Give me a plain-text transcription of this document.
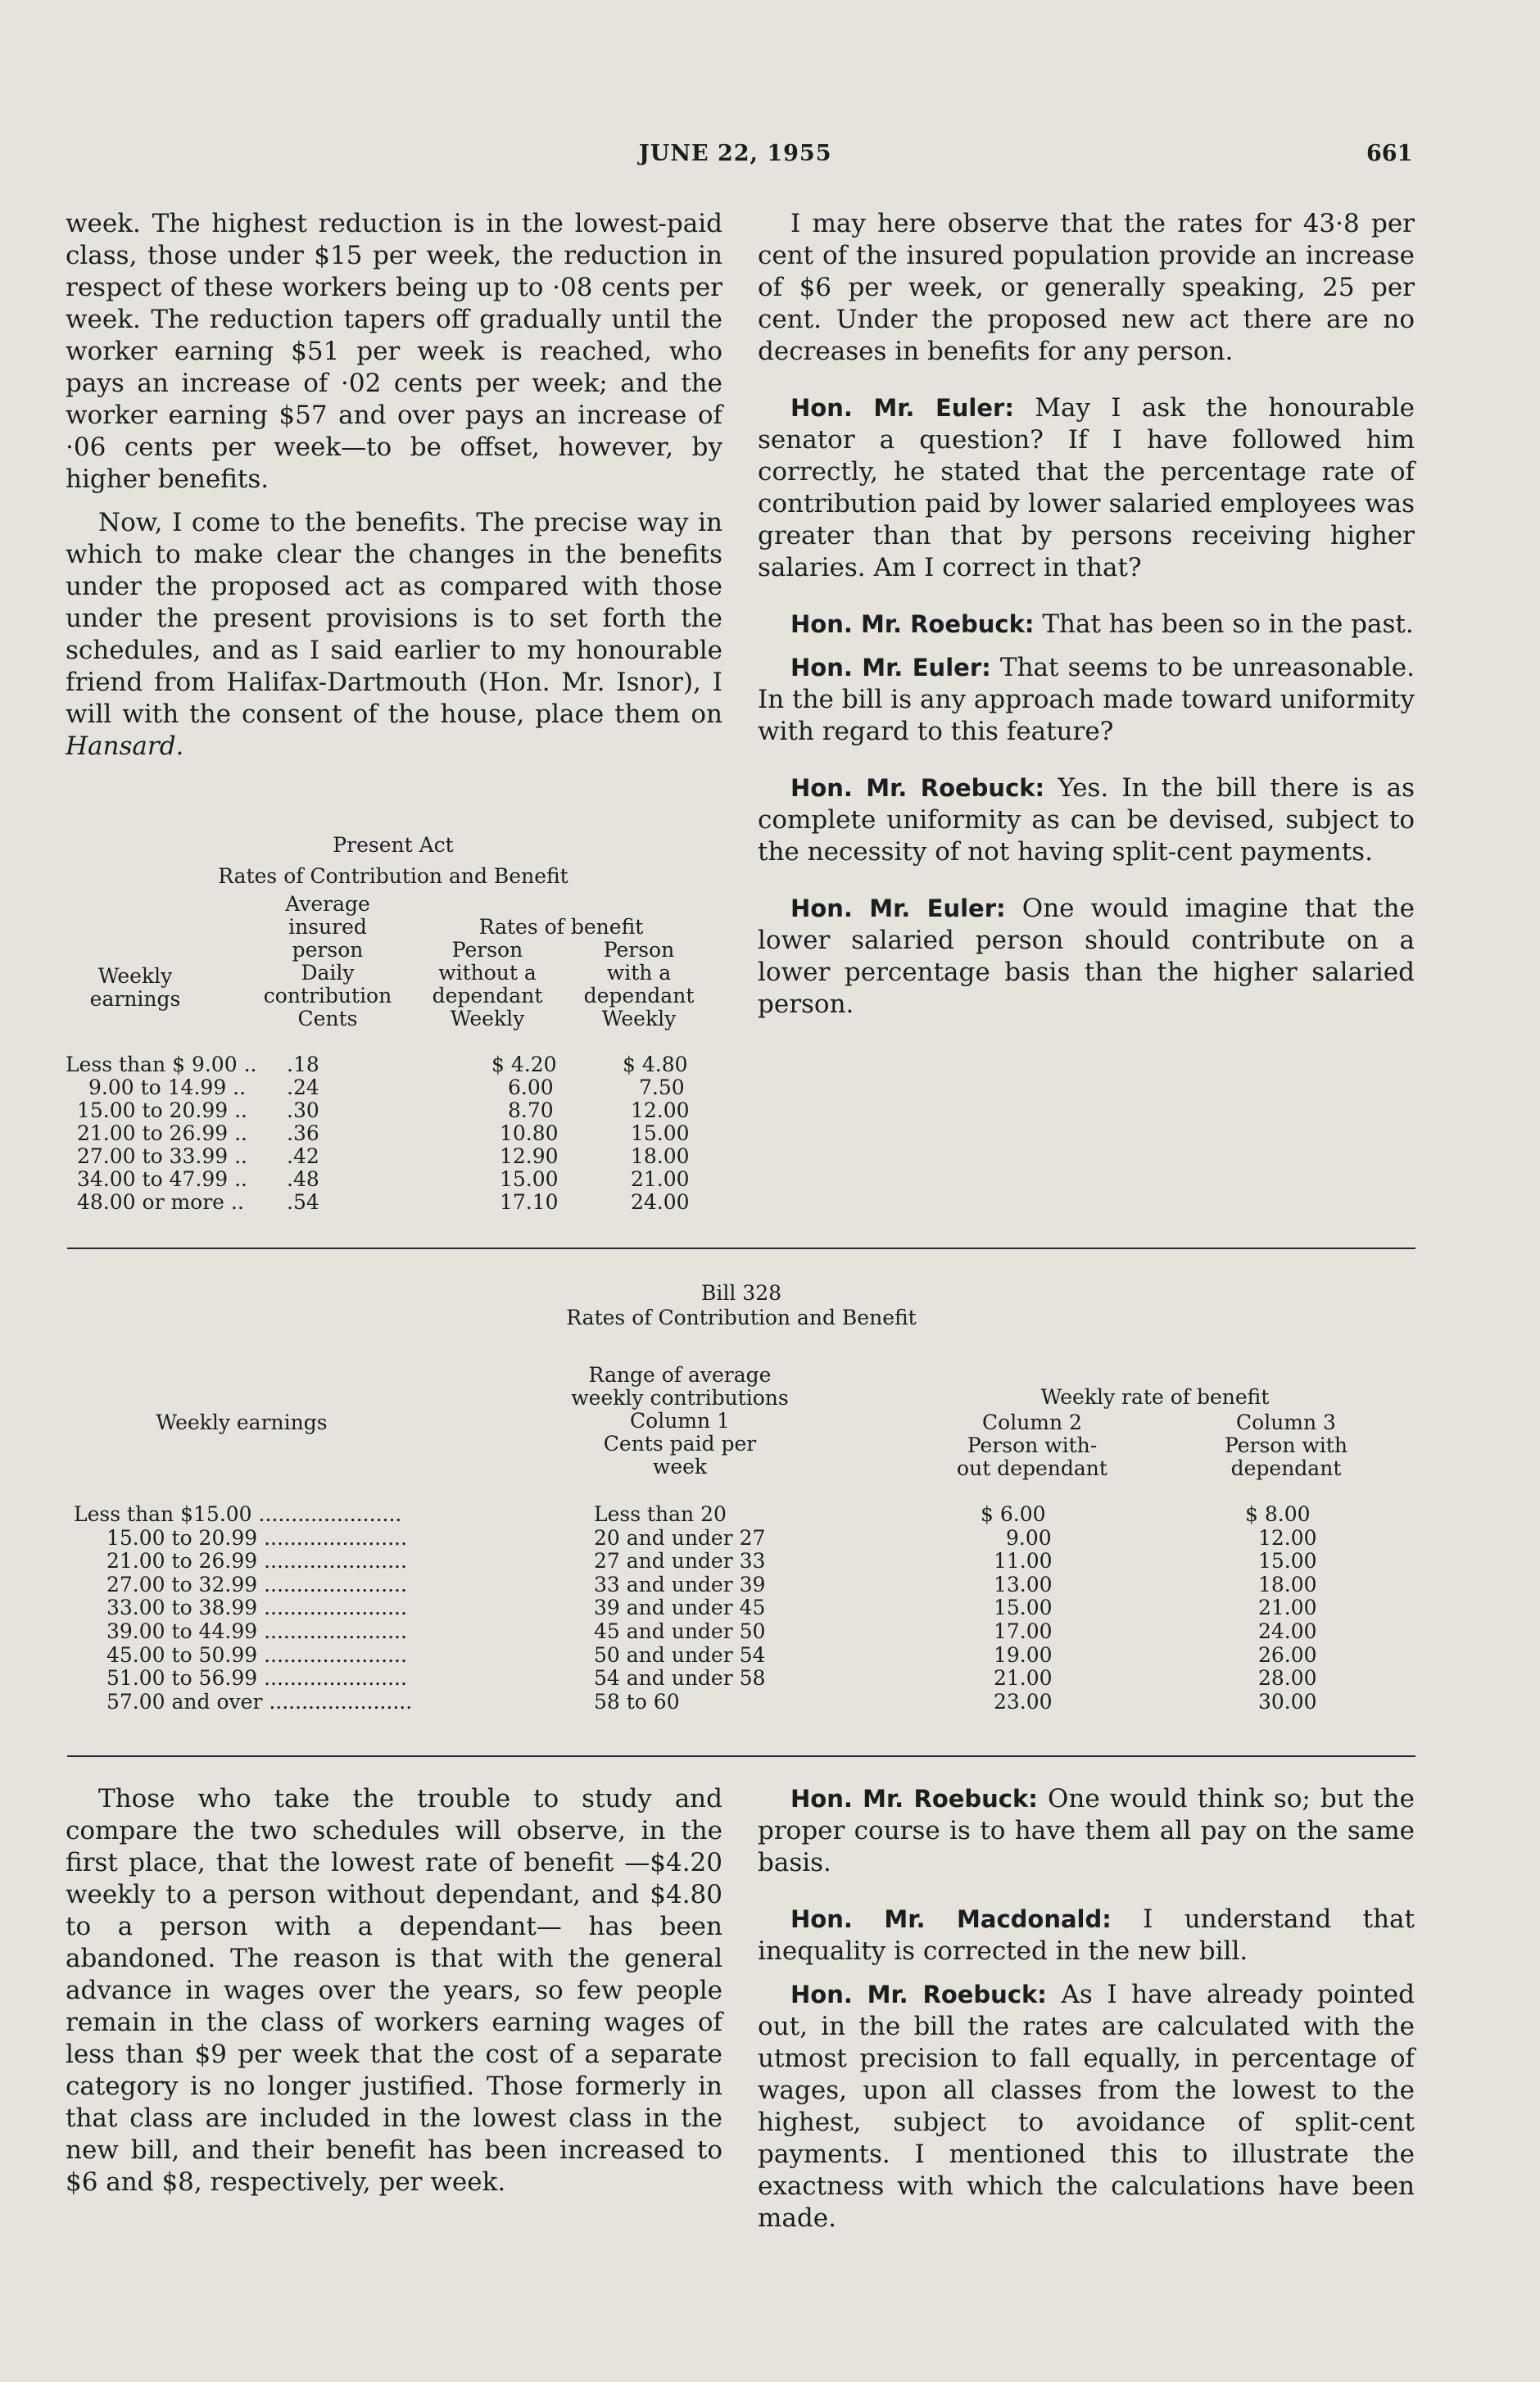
JUNE 22, 1955	661

week. The highest reduction is in the lowest-paid class, those under $15 per week, the reduction in respect of these workers being up to ·08 cents per week. The reduction tapers off gradually until the worker earning $51 per week is reached, who pays an increase of ·02 cents per week; and the worker earning $57 and over pays an increase of ·06 cents per week—to be offset, however, by higher benefits.

Now, I come to the benefits. The precise way in which to make clear the changes in the benefits under the proposed act as compared with those under the present provisions is to set forth the schedules, and as I said earlier to my honourable friend from Halifax-Dartmouth (Hon. Mr. Isnor), I will with the consent of the house, place them on Hansard.

Present Act
Rates of Contribution and Benefit
Weekly
earnings
Average
insured
person
Daily
contribution
Cents
Rates of benefit
Person
without a
dependant
Weekly
Person
with a
dependant
Weekly
Less than $ 9.00 .. .18	$ 4.20	$ 4.80
9.00 to 14.99 .. .24	6.00	7.50
15.00 to 20.99 .. .30	8.70	12.00
21.00 to 26.99 .. .36	10.80	15.00
27.00 to 33.99 .. .42	12.90	18.00
34.00 to 47.99 .. .48	15.00	21.00
48.00 or more .. .54	17.10	24.00

I may here observe that the rates for 43·8 per cent of the insured population provide an increase of $6 per week, or generally speaking, 25 per cent. Under the proposed new act there are no decreases in benefits for any person.

Hon. Mr. Euler: May I ask the honourable senator a question? If I have followed him correctly, he stated that the percentage rate of contribution paid by lower salaried employees was greater than that by persons receiving higher salaries. Am I correct in that?

Hon. Mr. Roebuck: That has been so in the past.

Hon. Mr. Euler: That seems to be unreasonable. In the bill is any approach made toward uniformity with regard to this feature?

Hon. Mr. Roebuck: Yes. In the bill there is as complete uniformity as can be devised, subject to the necessity of not having split-cent payments.

Hon. Mr. Euler: One would imagine that the lower salaried person should contribute on a lower percentage basis than the higher salaried person.

Bill 328
Rates of Contribution and Benefit
Range of average
weekly contributions
Column 1
Cents paid per
week
Weekly earnings
Weekly rate of benefit
Column 2
Person with-
out dependant
Column 3
Person with
dependant
Less than $15.00 ......................	Less than 20	$ 6.00	$ 8.00
15.00 to 20.99 ......................	20 and under 27	9.00	12.00
21.00 to 26.99 ......................	27 and under 33	11.00	15.00
27.00 to 32.99 ......................	33 and under 39	13.00	18.00
33.00 to 38.99 ......................	39 and under 45	15.00	21.00
39.00 to 44.99 ......................	45 and under 50	17.00	24.00
45.00 to 50.99 ......................	50 and under 54	19.00	26.00
51.00 to 56.99 ......................	54 and under 58	21.00	28.00
57.00 and over ......................	58 to 60	23.00	30.00

Those who take the trouble to study and compare the two schedules will observe, in the first place, that the lowest rate of benefit —$4.20 weekly to a person without dependant, and $4.80 to a person with a dependant— has been abandoned. The reason is that with the general advance in wages over the years, so few people remain in the class of workers earning wages of less than $9 per week that the cost of a separate category is no longer justified. Those formerly in that class are included in the lowest class in the new bill, and their benefit has been increased to $6 and $8, respectively, per week.

Hon. Mr. Roebuck: One would think so; but the proper course is to have them all pay on the same basis.

Hon. Mr. Macdonald: I understand that inequality is corrected in the new bill.

Hon. Mr. Roebuck: As I have already pointed out, in the bill the rates are calculated with the utmost precision to fall equally, in percentage of wages, upon all classes from the lowest to the highest, subject to avoidance of split-cent payments. I mentioned this to illustrate the exactness with which the calculations have been made.
